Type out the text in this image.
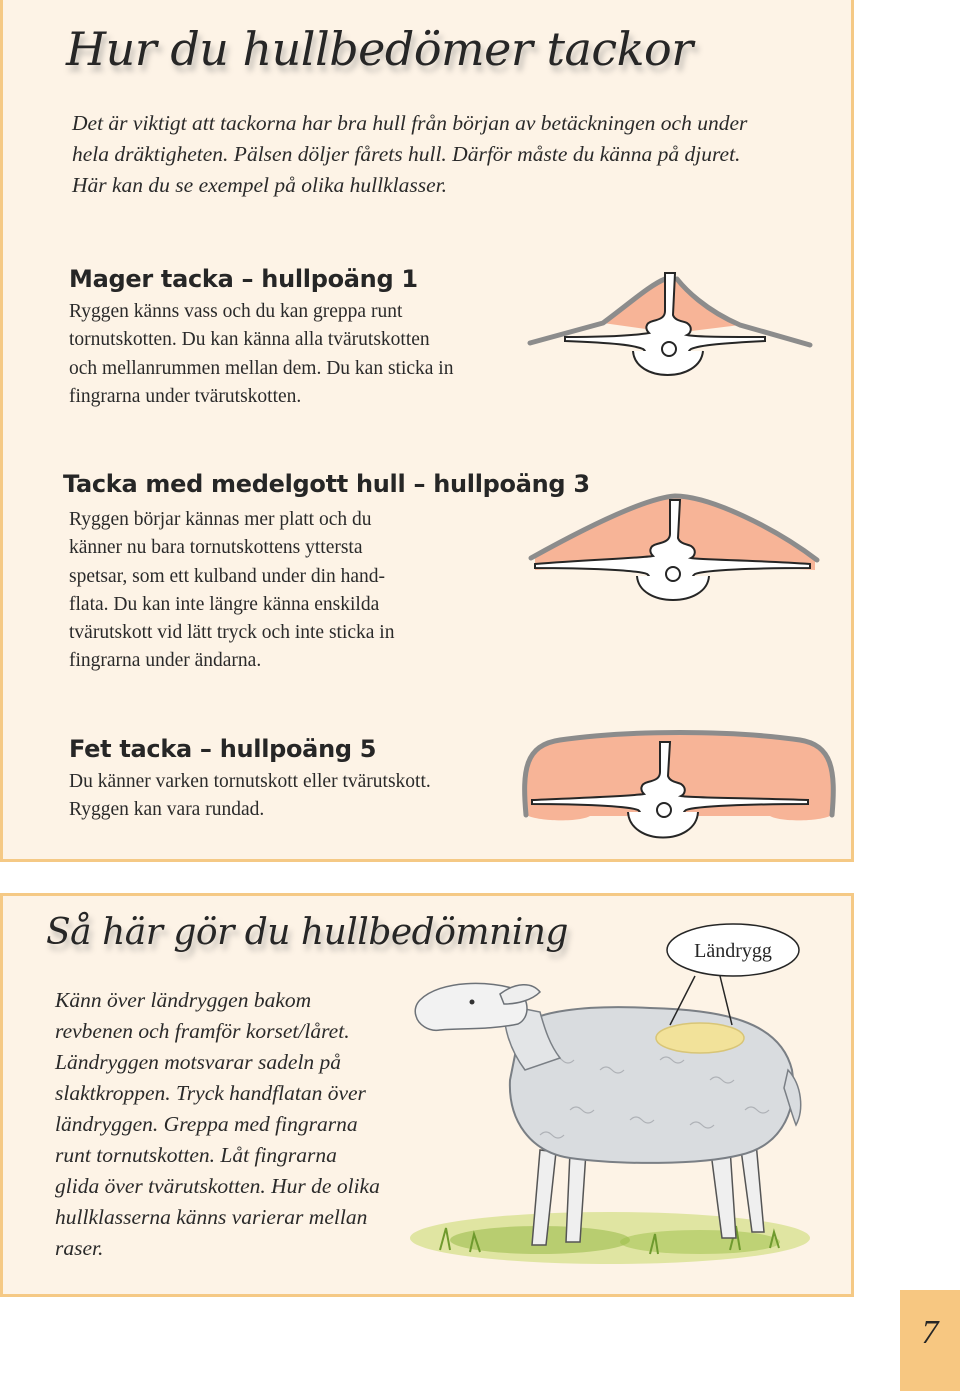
Hur du hullbedömer tackor
Det är viktigt att tackorna har bra hull från början av betäckningen och under
hela dräktigheten. Pälsen döljer fårets hull. Därför måste du känna på djuret.
Här kan du se exempel på olika hullklasser.
Mager tacka – hullpoäng 1
Ryggen känns vass och du kan greppa runt
tornutskotten. Du kan känna alla tvärutskotten
och mellanrummen mellan dem. Du kan sticka in
fingrarna under tvärutskotten.
Tacka med medelgott hull – hullpoäng 3
Ryggen börjar kännas mer platt och du
känner nu bara tornutskottens yttersta
spetsar, som ett kulband under din hand-
flata. Du kan inte längre känna enskilda
tvärutskott vid lätt tryck och inte sticka in
fingrarna under ändarna.
Fet tacka – hullpoäng 5
Du känner varken tornutskott eller tvärutskott.
Ryggen kan vara rundad.
Så här gör du hullbedömning
Känn över ländryggen bakom
revbenen och framför korset/låret.
Ländryggen motsvarar sadeln på
slaktkroppen. Tryck handflatan över
ländryggen. Greppa med fingrarna
runt tornutskotten. Låt fingrarna
glida över tvärutskotten. Hur de olika
hullklasserna känns varierar mellan
raser.
Ländrygg
7
